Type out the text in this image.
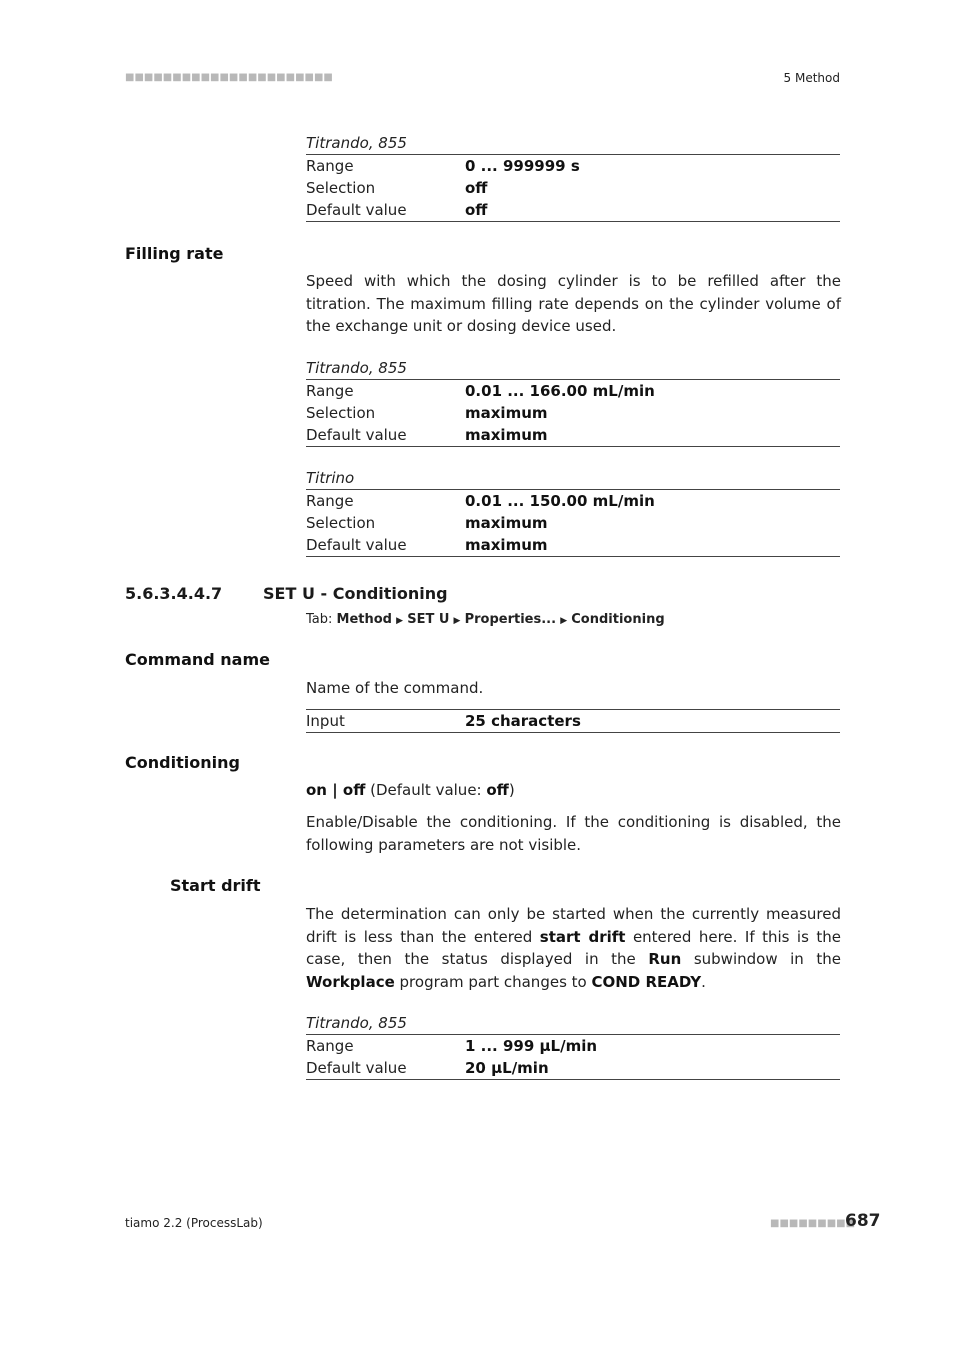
■■■■■■■■■■■■■■■■■■■■■■	5 Method
Titrando, 855
Range	0 ... 999999 s
Selection	off
Default value	off
Filling rate
Speed with which the dosing cylinder is to be refilled after the titration. The maximum filling rate depends on the cylinder volume of the exchange unit or dosing device used.
Titrando, 855
Range	0.01 ... 166.00 mL/min
Selection	maximum
Default value	maximum
Titrino
Range	0.01 ... 150.00 mL/min
Selection	maximum
Default value	maximum
5.6.3.4.4.7	SET U - Conditioning
Tab: Method ▶ SET U ▶ Properties... ▶ Conditioning
Command name
Name of the command.
Input	25 characters
Conditioning
on | off (Default value: off)
Enable/Disable the conditioning. If the conditioning is disabled, the following parameters are not visible.
Start drift
The determination can only be started when the currently measured drift is less than the entered start drift entered here. If this is the case, then the status displayed in the Run subwindow in the Workplace program part changes to COND READY.
Titrando, 855
Range	1 ... 999 µL/min
Default value	20 µL/min
tiamo 2.2 (ProcessLab)	■■■■■■■■■
687
